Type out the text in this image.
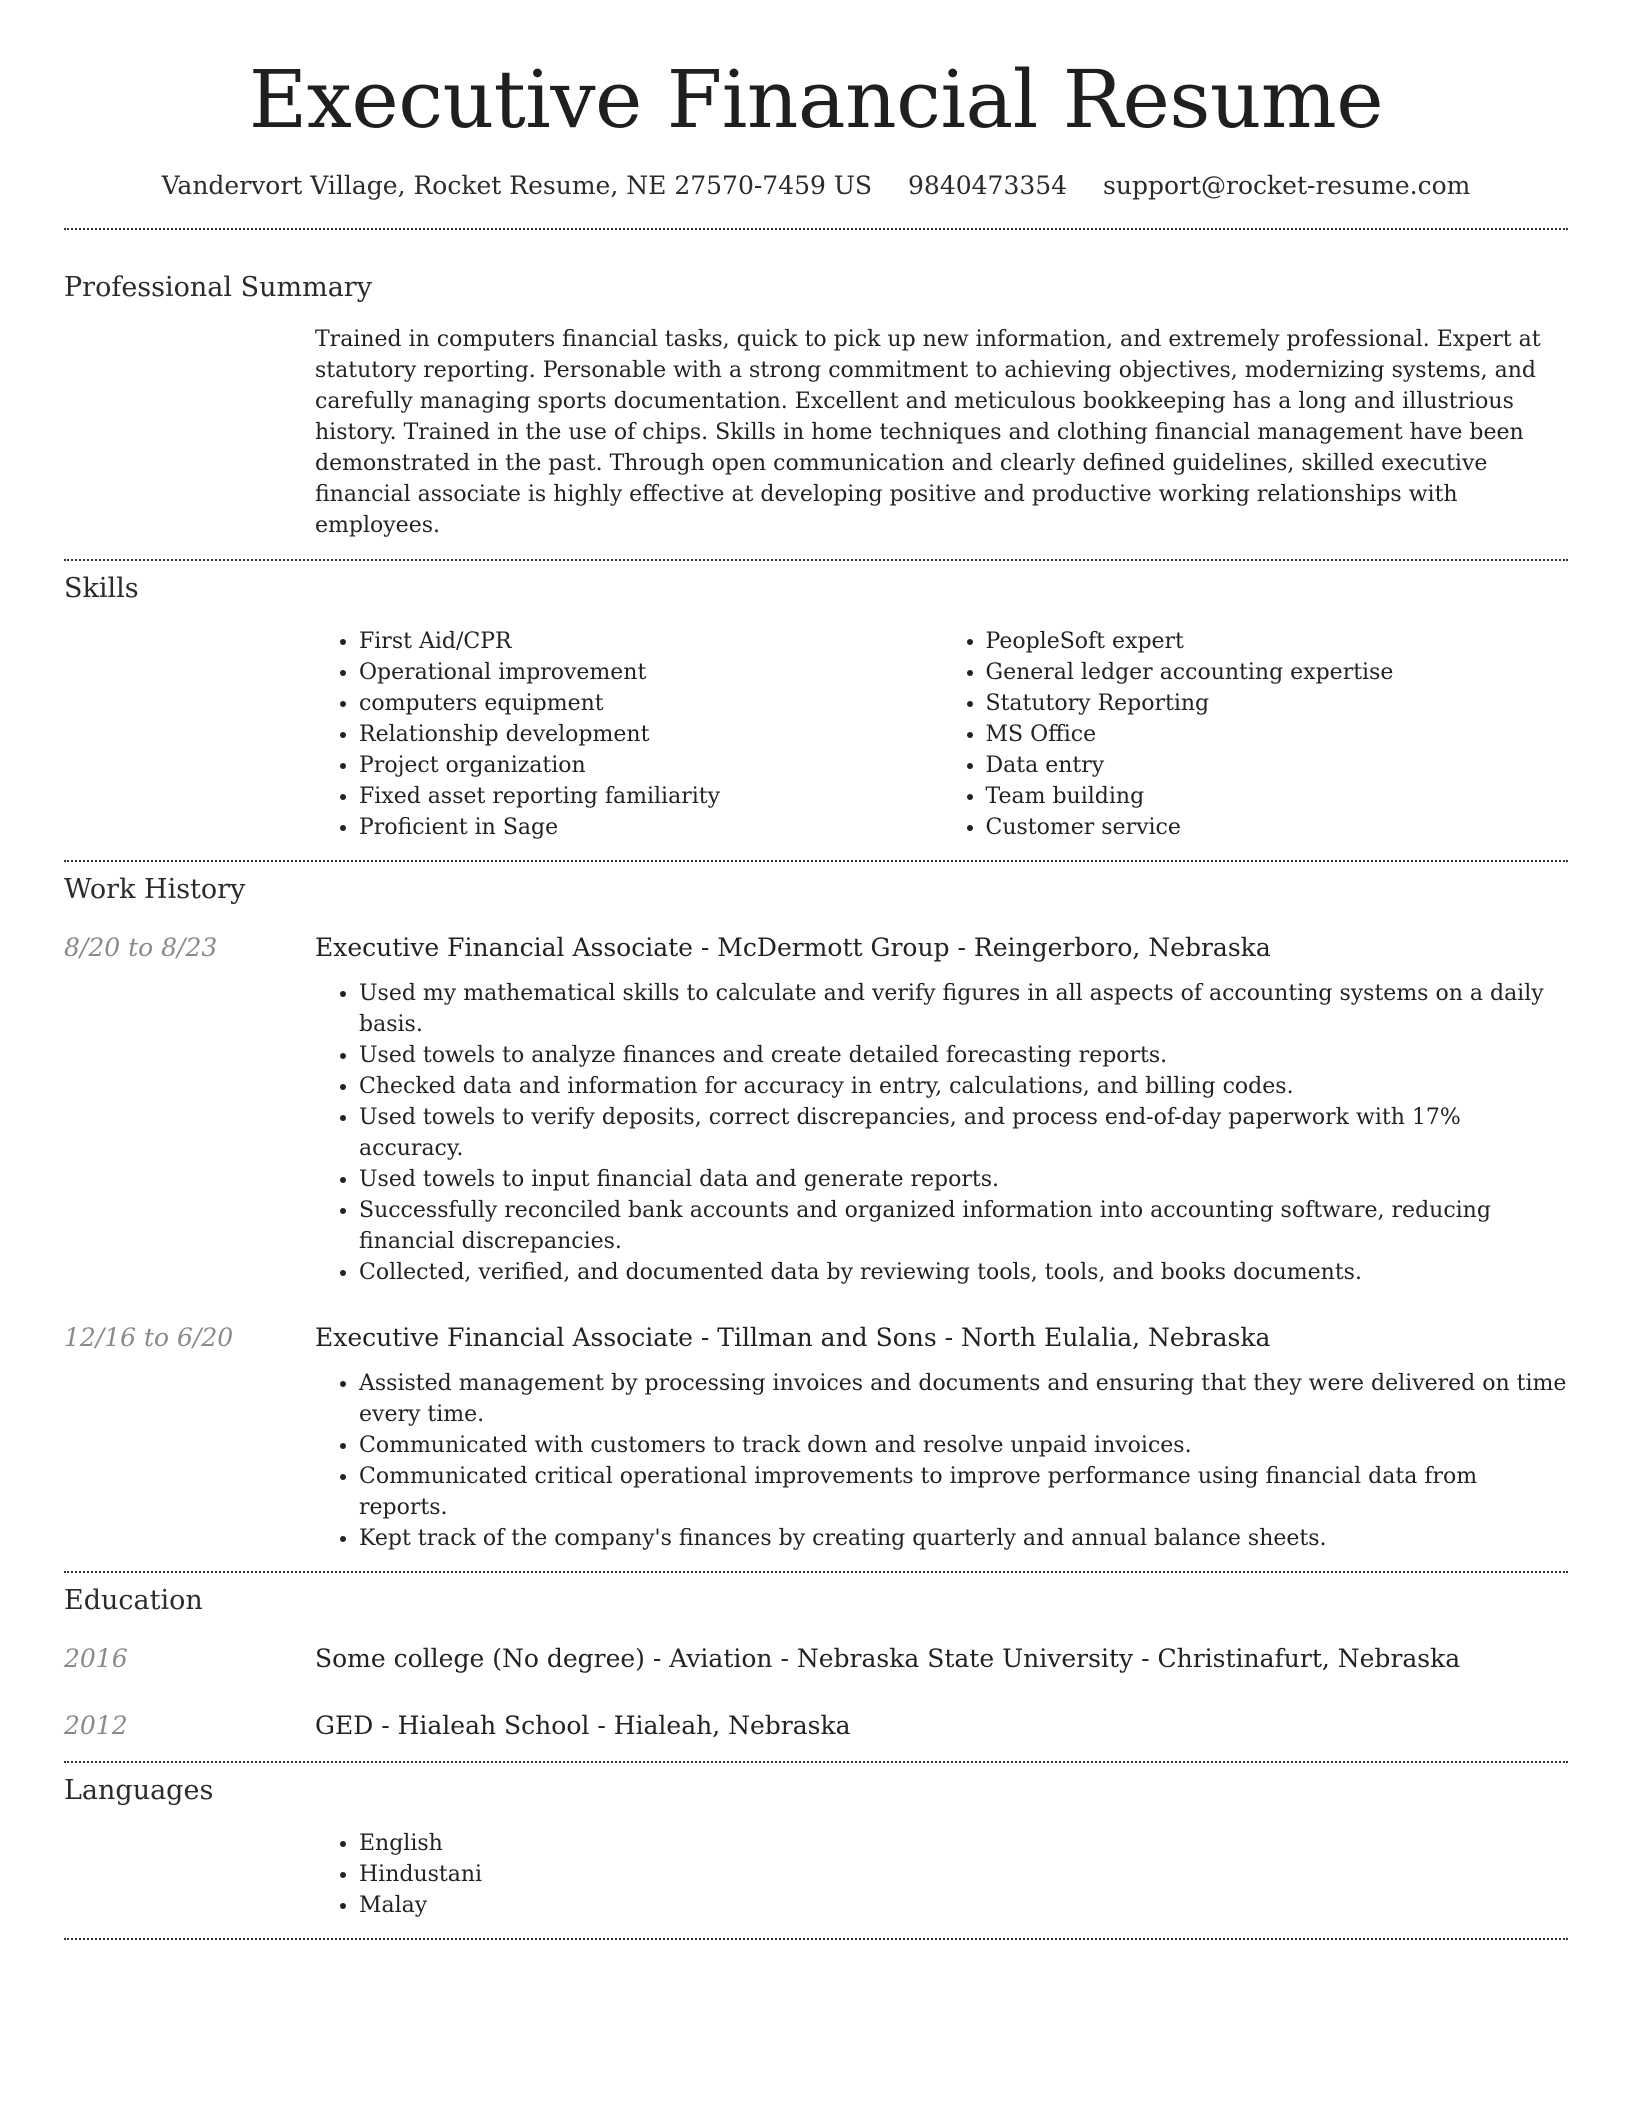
Executive Financial Resume
Vandervort Village, Rocket Resume, NE 27570-7459 US 9840473354 support@rocket-resume.com
Professional Summary

Trained in computers financial tasks, quick to pick up new information, and extremely professional. Expert at statutory reporting. Personable with a strong commitment to achieving objectives, modernizing systems, and carefully managing sports documentation. Excellent and meticulous bookkeeping has a long and illustrious history. Trained in the use of chips. Skills in home techniques and clothing financial management have been demonstrated in the past. Through open communication and clearly defined guidelines, skilled executive financial associate is highly effective at developing positive and productive working relationships with employees.

Skills
• First Aid/CPR
• Operational improvement
• computers equipment
• Relationship development
• Project organization
• Fixed asset reporting familiarity
• Proficient in Sage
• PeopleSoft expert
• General ledger accounting expertise
• Statutory Reporting
• MS Office
• Data entry
• Team building
• Customer service
Work History
8/20 to 8/23	Executive Financial Associate - McDermott Group - Reingerboro, Nebraska
• Used my mathematical skills to calculate and verify figures in all aspects of accounting systems on a daily basis.
• Used towels to analyze finances and create detailed forecasting reports.
• Checked data and information for accuracy in entry, calculations, and billing codes.
• Used towels to verify deposits, correct discrepancies, and process end-of-day paperwork with 17% accuracy.
• Used towels to input financial data and generate reports.
• Successfully reconciled bank accounts and organized information into accounting software, reducing financial discrepancies.
• Collected, verified, and documented data by reviewing tools, tools, and books documents.
12/16 to 6/20	Executive Financial Associate - Tillman and Sons - North Eulalia, Nebraska
• Assisted management by processing invoices and documents and ensuring that they were delivered on time every time.
• Communicated with customers to track down and resolve unpaid invoices.
• Communicated critical operational improvements to improve performance using financial data from reports.
• Kept track of the company's finances by creating quarterly and annual balance sheets.
Education
2016	Some college (No degree) - Aviation - Nebraska State University - Christinafurt, Nebraska
2012	GED - Hialeah School - Hialeah, Nebraska
Languages
• English
• Hindustani
• Malay
